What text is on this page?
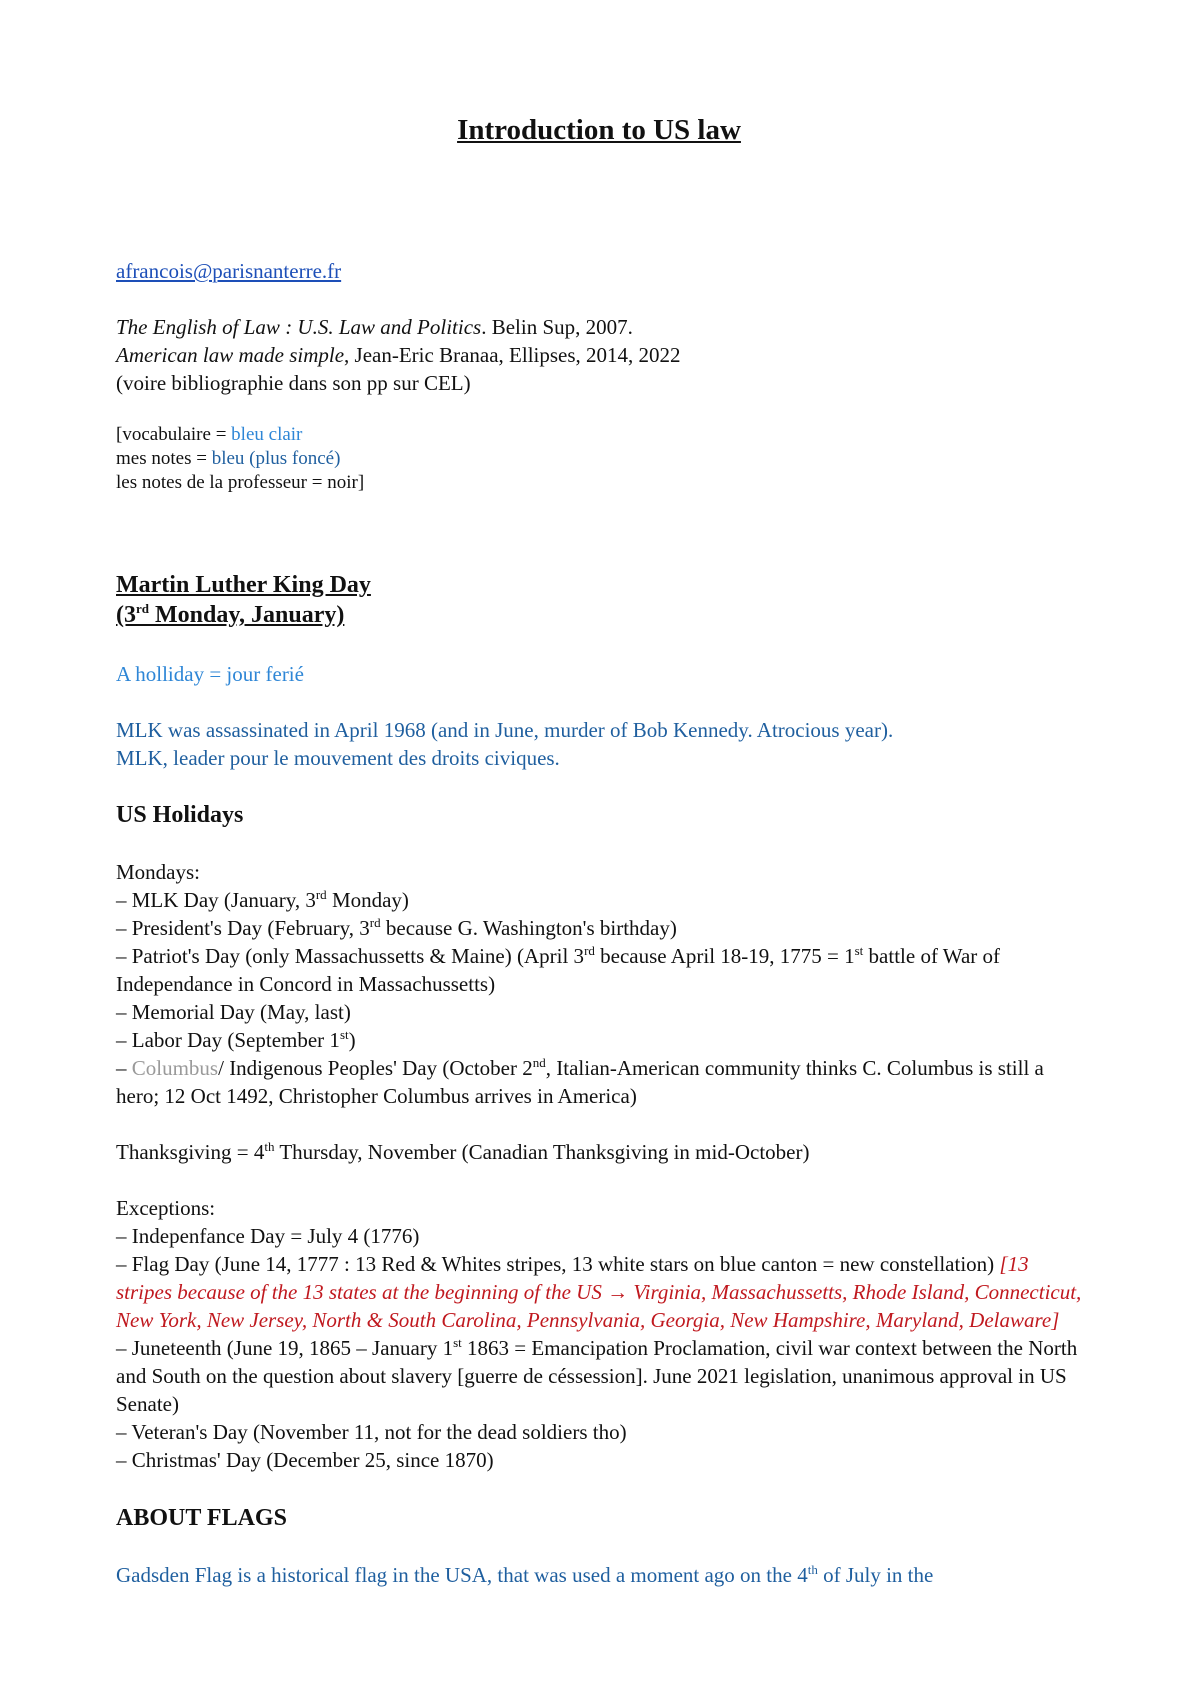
Introduction to US law
afrancois@parisnanterre.fr

The English of Law : U.S. Law and Politics. Belin Sup, 2007.

American law made simple, Jean-Eric Branaa, Ellipses, 2014, 2022

(voire bibliographie dans son pp sur CEL)

[vocabulaire = bleu clair

mes notes = bleu (plus foncé)

les notes de la professeur = noir]

Martin Luther King Day
(3rd Monday, January)

A holliday = jour ferié

MLK was assassinated in April 1968 (and in June, murder of Bob Kennedy. Atrocious year).

MLK, leader pour le mouvement des droits civiques.

US Holidays

Mondays:

– MLK Day (January, 3rd Monday)
– President's Day (February, 3rd because G. Washington's birthday)
– Patriot's Day (only Massachussetts & Maine) (April 3rd because April 18-19, 1775 = 1st battle of War of Independance in Concord in Massachussetts)
– Memorial Day (May, last)
– Labor Day (September 1st)
– Columbus/ Indigenous Peoples' Day (October 2nd, Italian-American community thinks C. Columbus is still a hero; 12 Oct 1492, Christopher Columbus arrives in America)

Thanksgiving = 4th Thursday, November (Canadian Thanksgiving in mid-October)

Exceptions:

– Indepenfance Day = July 4 (1776)
– Flag Day (June 14, 1777 : 13 Red & Whites stripes, 13 white stars on blue canton = new constellation) [13 stripes because of the 13 states at the beginning of the US → Virginia, Massachussetts, Rhode Island, Connecticut, New York, New Jersey, North & South Carolina, Pennsylvania, Georgia, New Hampshire, Maryland, Delaware]
– Juneteenth (June 19, 1865 – January 1st 1863 = Emancipation Proclamation, civil war context between the North and South on the question about slavery [guerre de céssession]. June 2021 legislation, unanimous approval in US Senate)
– Veteran's Day (November 11, not for the dead soldiers tho)
– Christmas' Day (December 25, since 1870)
ABOUT FLAGS

Gadsden Flag is a historical flag in the USA, that was used a moment ago on the 4th of July in the
